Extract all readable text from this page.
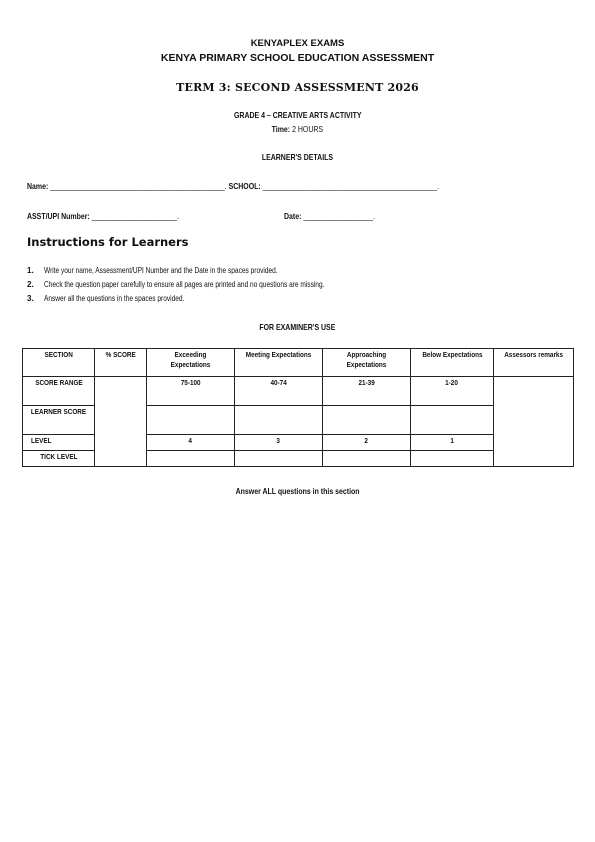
KENYAPLEX EXAMS
KENYA PRIMARY SCHOOL EDUCATION ASSESSMENT
TERM 3: SECOND ASSESSMENT 2026
GRADE 4 – CREATIVE ARTS ACTIVITY
Time: 2 HOURS
LEARNER'S DETAILS
Name: _____________________________________________. SCHOOL: _____________________________________________.
ASST/UPI Number: ______________________.	Date: __________________.
Instructions for Learners
1. Write your name, Assessment/UPI Number and the Date in the spaces provided.
2. Check the question paper carefully to ensure all pages are printed and no questions are missing.
3. Answer all the questions in the spaces provided.
FOR EXAMINER'S USE
SECTION	% SCORE	Exceeding Expectations	Meeting Expectations	Approaching Expectations	Below Expectations	Assessors remarks
SCORE RANGE		75-100	40-74	21-39	1-20	
LEARNER SCORE						
LEVEL		4	3	2	1	
TICK LEVEL						
Answer ALL questions in this section
